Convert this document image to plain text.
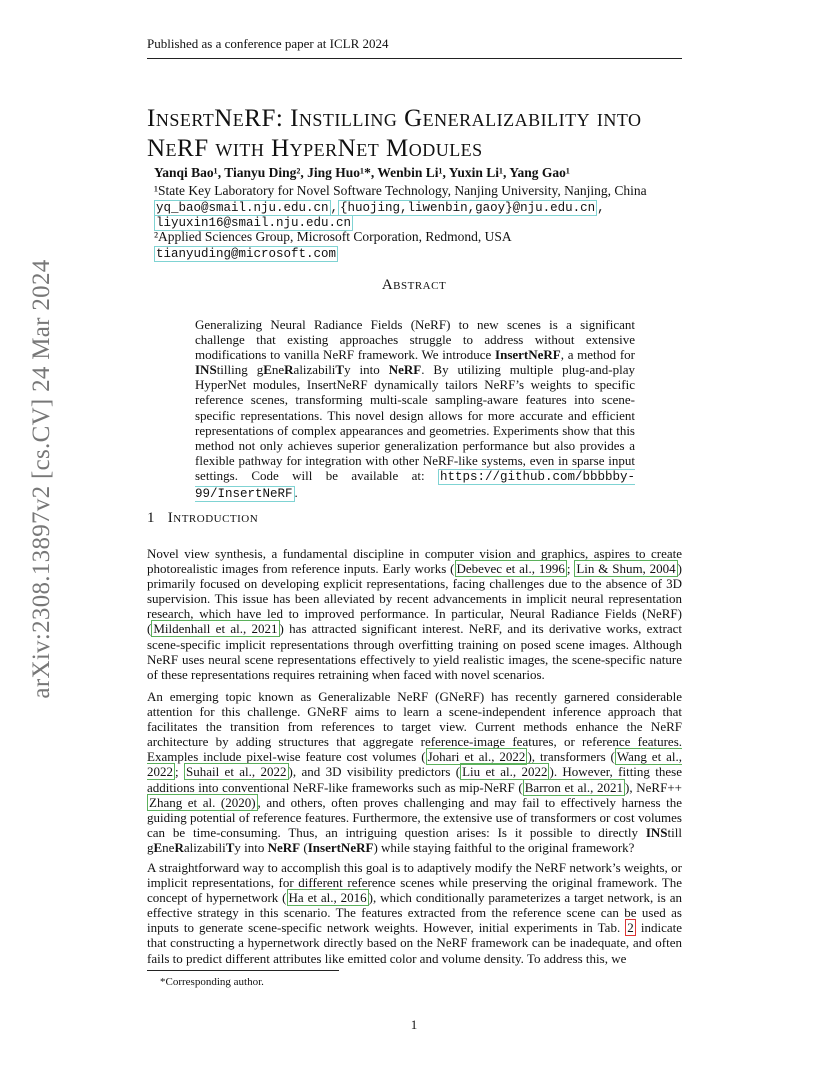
Published as a conference paper at ICLR 2024
arXiv:2308.13897v2 [cs.CV] 24 Mar 2024
InsertNeRF: Instilling Generalizability into
NeRF with HyperNet Modules
Yanqi Bao¹, Tianyu Ding², Jing Huo¹*, Wenbin Li¹, Yuxin Li¹, Yang Gao¹
¹State Key Laboratory for Novel Software Technology, Nanjing University, Nanjing, China
yq_bao@smail.nju.edu.cn , {huojing,liwenbin,gaoy}@nju.edu.cn ,
liyuxin16@smail.nju.edu.cn
²Applied Sciences Group, Microsoft Corporation, Redmond, USA
tianyuding@microsoft.com
Abstract
Generalizing Neural Radiance Fields (NeRF) to new scenes is a significant challenge that existing approaches struggle to address without extensive modifications to vanilla NeRF framework. We introduce InsertNeRF, a method for INStilling gEneRalizabiliTy into NeRF. By utilizing multiple plug-and-play HyperNet modules, InsertNeRF dynamically tailors NeRF’s weights to specific reference scenes, transforming multi-scale sampling-aware features into scene-specific representations. This novel design allows for more accurate and efficient representations of complex appearances and geometries. Experiments show that this method not only achieves superior generalization performance but also provides a flexible pathway for integration with other NeRF-like systems, even in sparse input settings. Code will be available at: https://github.com/bbbbby-99/InsertNeRF .
1 Introduction
Novel view synthesis, a fundamental discipline in computer vision and graphics, aspires to create photorealistic images from reference inputs. Early works ( Debevec et al., 1996 ; Lin & Shum, 2004 ) primarily focused on developing explicit representations, facing challenges due to the absence of 3D supervision. This issue has been alleviated by recent advancements in implicit neural representation research, which have led to improved performance. In particular, Neural Radiance Fields (NeRF) ( Mildenhall et al., 2021 ) has attracted significant interest. NeRF, and its derivative works, extract scene-specific implicit representations through overfitting training on posed scene images. Although NeRF uses neural scene representations effectively to yield realistic images, the scene-specific nature of these representations requires retraining when faced with novel scenarios.
An emerging topic known as Generalizable NeRF (GNeRF) has recently garnered considerable attention for this challenge. GNeRF aims to learn a scene-independent inference approach that facilitates the transition from references to target view. Current methods enhance the NeRF architecture by adding structures that aggregate reference-image features, or reference features. Examples include pixel-wise feature cost volumes ( Johari et al., 2022 ), transformers ( Wang et al., 2022 ; Suhail et al., 2022 ), and 3D visibility predictors ( Liu et al., 2022 ). However, fitting these additions into conventional NeRF-like frameworks such as mip-NeRF ( Barron et al., 2021 ), NeRF++ Zhang et al. (2020) , and others, often proves challenging and may fail to effectively harness the guiding potential of reference features. Furthermore, the extensive use of transformers or cost volumes can be time-consuming. Thus, an intriguing question arises: Is it possible to directly INStill gEneRalizabiliTy into NeRF (InsertNeRF) while staying faithful to the original framework?
A straightforward way to accomplish this goal is to adaptively modify the NeRF network’s weights, or implicit representations, for different reference scenes while preserving the original framework. The concept of hypernetwork ( Ha et al., 2016 ), which conditionally parameterizes a target network, is an effective strategy in this scenario. The features extracted from the reference scene can be used as inputs to generate scene-specific network weights. However, initial experiments in Tab. 2 indicate that constructing a hypernetwork directly based on the NeRF framework can be inadequate, and often fails to predict different attributes like emitted color and volume density. To address this, we
*Corresponding author.
1
